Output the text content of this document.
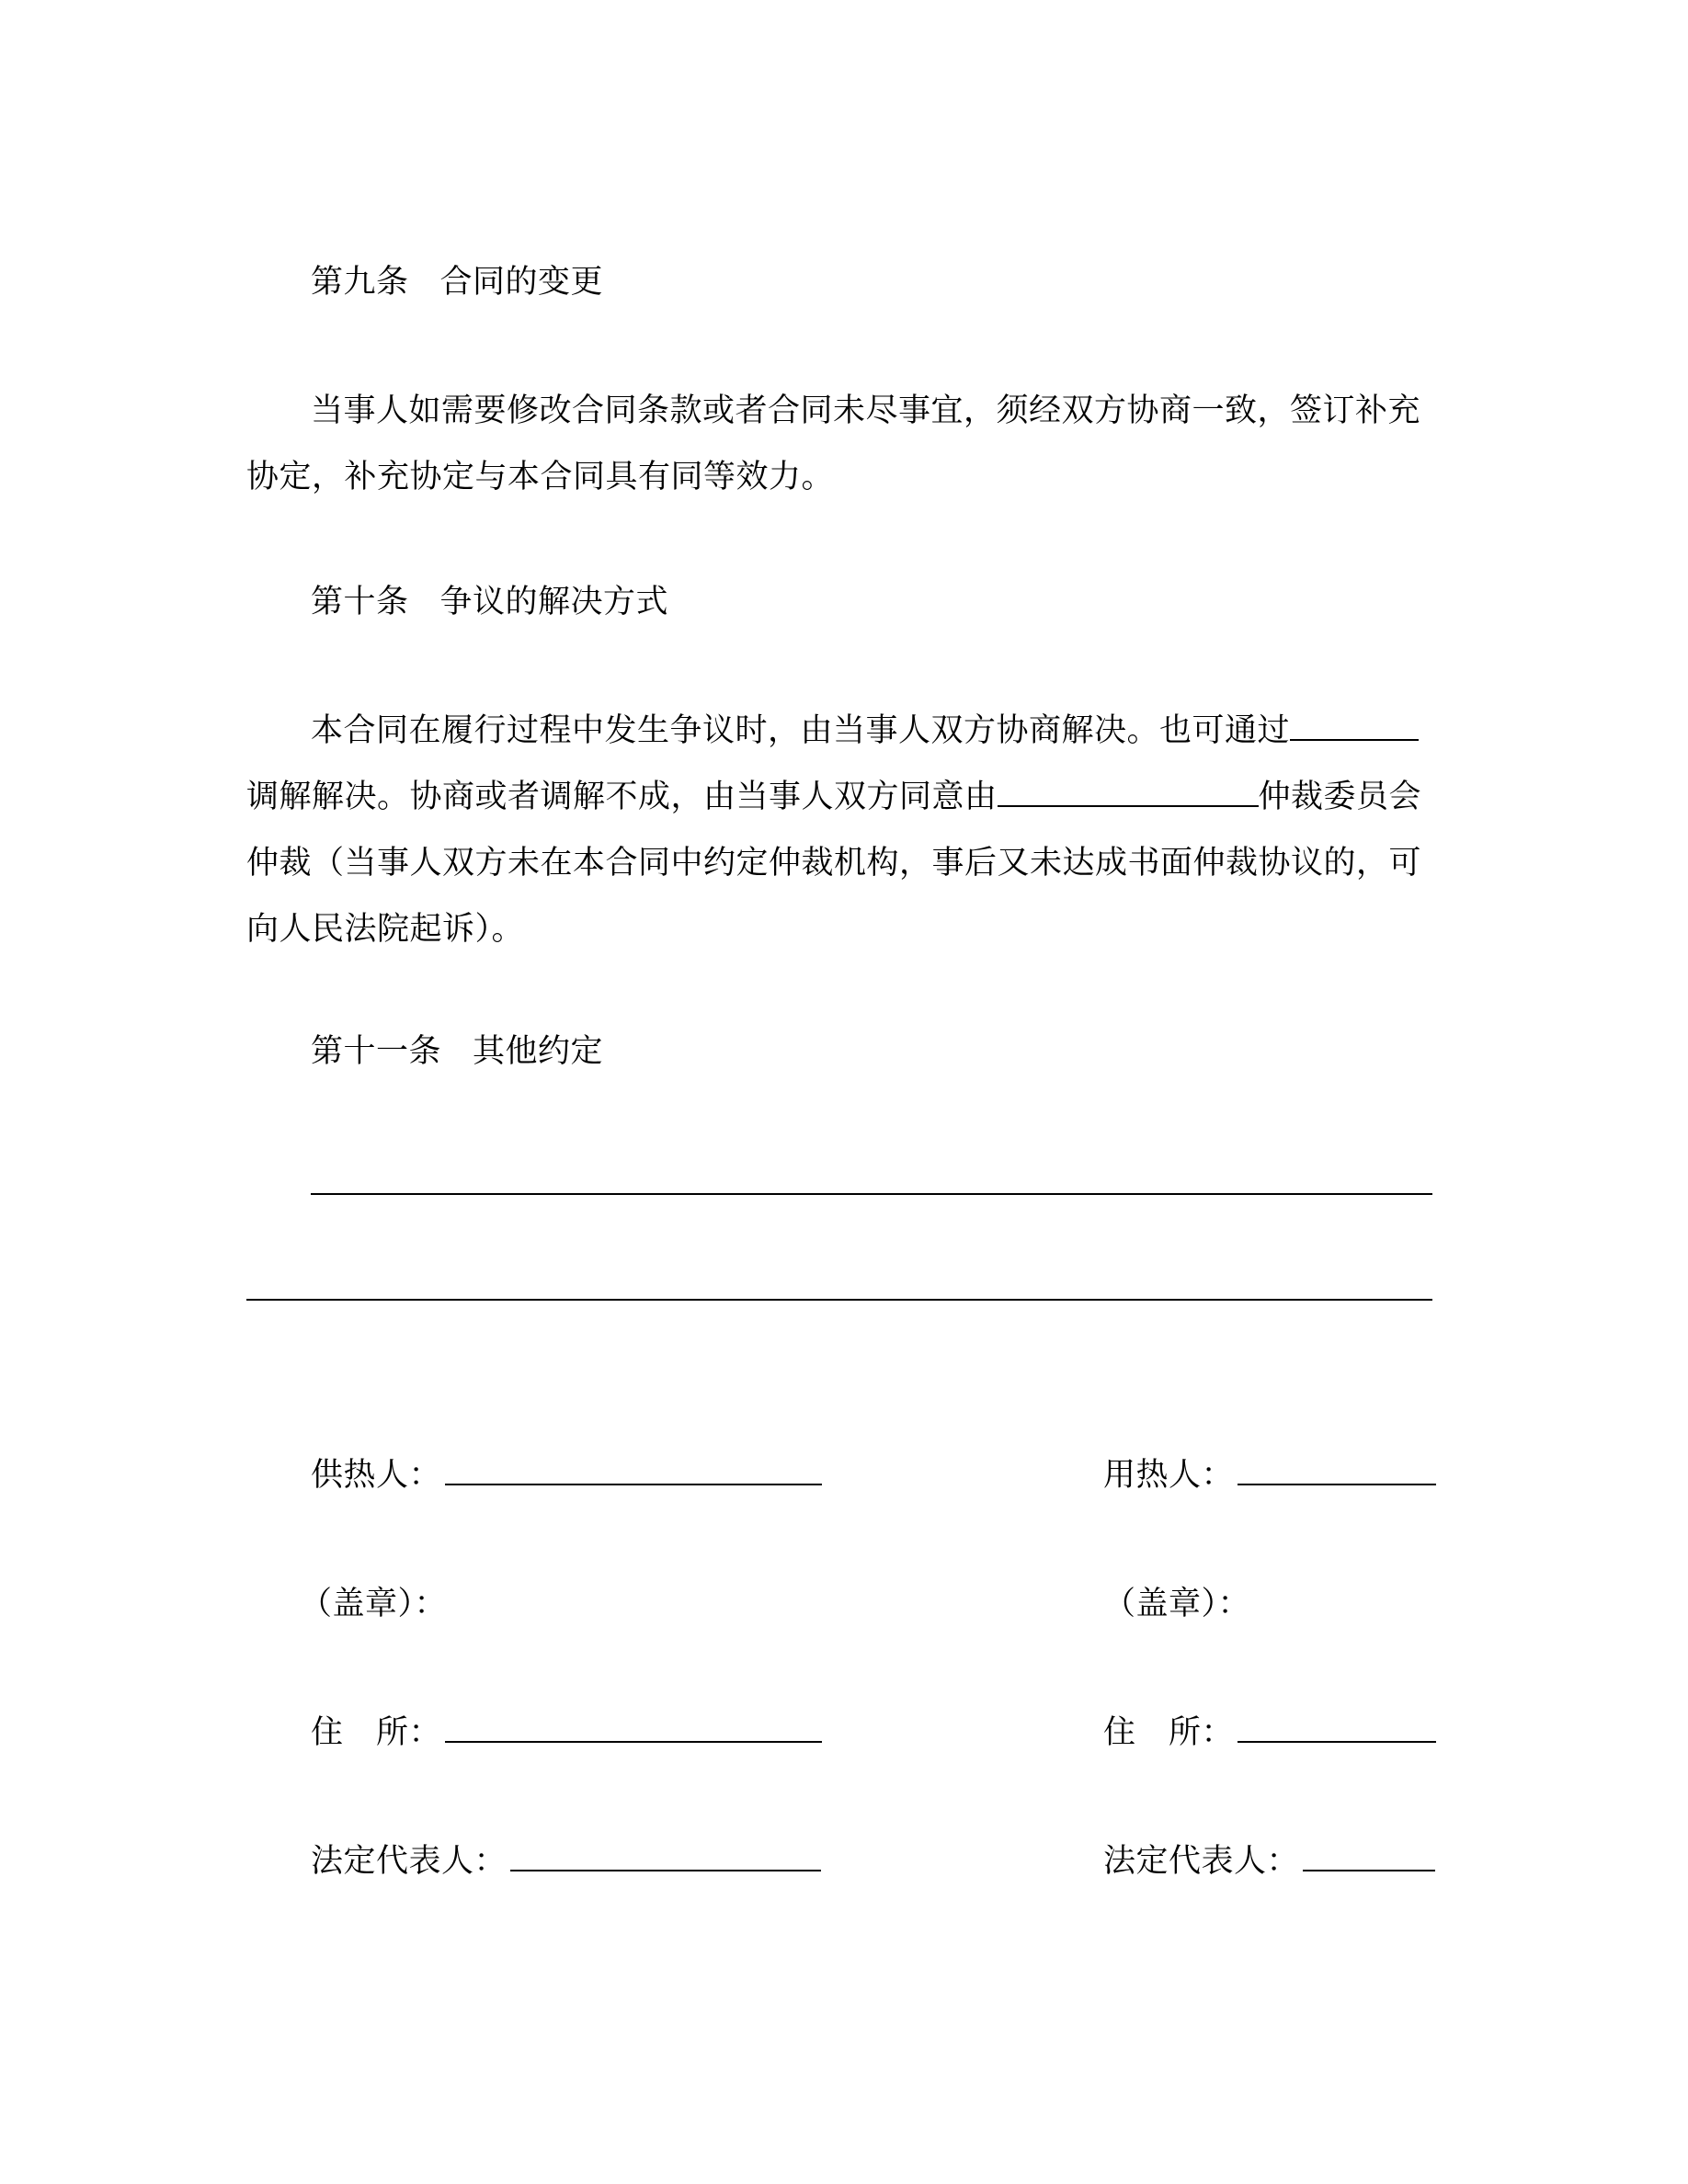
第九条 合同的变更
当事人如需要修改合同条款或者合同未尽事宜，须经双方协商一致，签订补充
协定，补充协定与本合同具有同等效力。
第十条 争议的解决方式
本合同在履行过程中发生争议时，由当事人双方协商解决。也可通过
调解解决。协商或者调解不成，由当事人双方同意由	仲裁委员会
仲裁（当事人双方未在本合同中约定仲裁机构，事后又未达成书面仲裁协议的，可
向人民法院起诉）。
第十一条 其他约定
供热人：
（盖章）：
住　所：
法定代表人：
用热人：
（盖章）：
住　所：
法定代表人：
